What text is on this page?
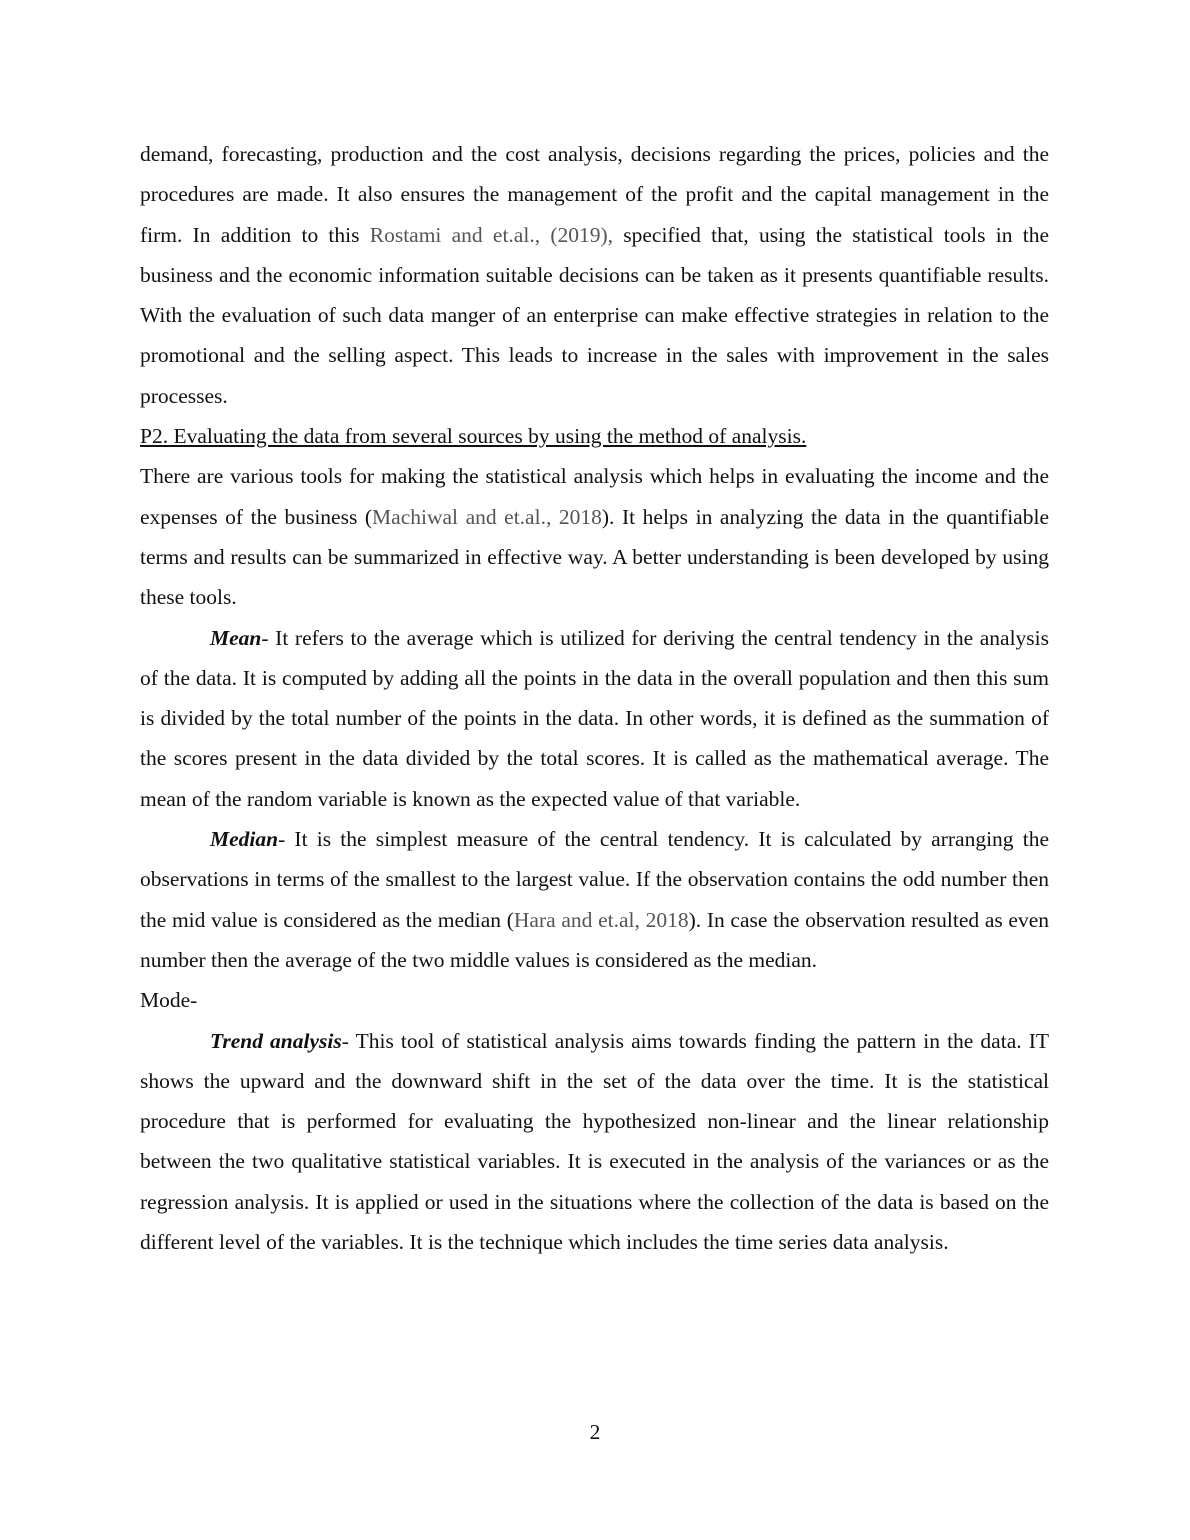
demand, forecasting, production and the cost analysis, decisions regarding the prices, policies and the procedures are made. It also ensures the management of the profit and the capital management in the firm. In addition to this Rostami and et.al., (2019), specified that, using the statistical tools in the business and the economic information suitable decisions can be taken as it presents quantifiable results. With the evaluation of such data manger of an enterprise can make effective strategies in relation to the promotional and the selling aspect. This leads to increase in the sales with improvement in the sales processes.

P2. Evaluating the data from several sources by using the method of analysis.

There are various tools for making the statistical analysis which helps in evaluating the income and the expenses of the business (Machiwal and et.al., 2018). It helps in analyzing the data in the quantifiable terms and results can be summarized in effective way. A better understanding is been developed by using these tools.

Mean- It refers to the average which is utilized for deriving the central tendency in the analysis of the data. It is computed by adding all the points in the data in the overall population and then this sum is divided by the total number of the points in the data. In other words, it is defined as the summation of the scores present in the data divided by the total scores. It is called as the mathematical average. The mean of the random variable is known as the expected value of that variable.

Median- It is the simplest measure of the central tendency. It is calculated by arranging the observations in terms of the smallest to the largest value. If the observation contains the odd number then the mid value is considered as the median (Hara and et.al, 2018). In case the observation resulted as even number then the average of the two middle values is considered as the median.

Mode-

Trend analysis- This tool of statistical analysis aims towards finding the pattern in the data. IT shows the upward and the downward shift in the set of the data over the time. It is the statistical procedure that is performed for evaluating the hypothesized non-linear and the linear relationship between the two qualitative statistical variables. It is executed in the analysis of the variances or as the regression analysis. It is applied or used in the situations where the collection of the data is based on the different level of the variables. It is the technique which includes the time series data analysis.

2
